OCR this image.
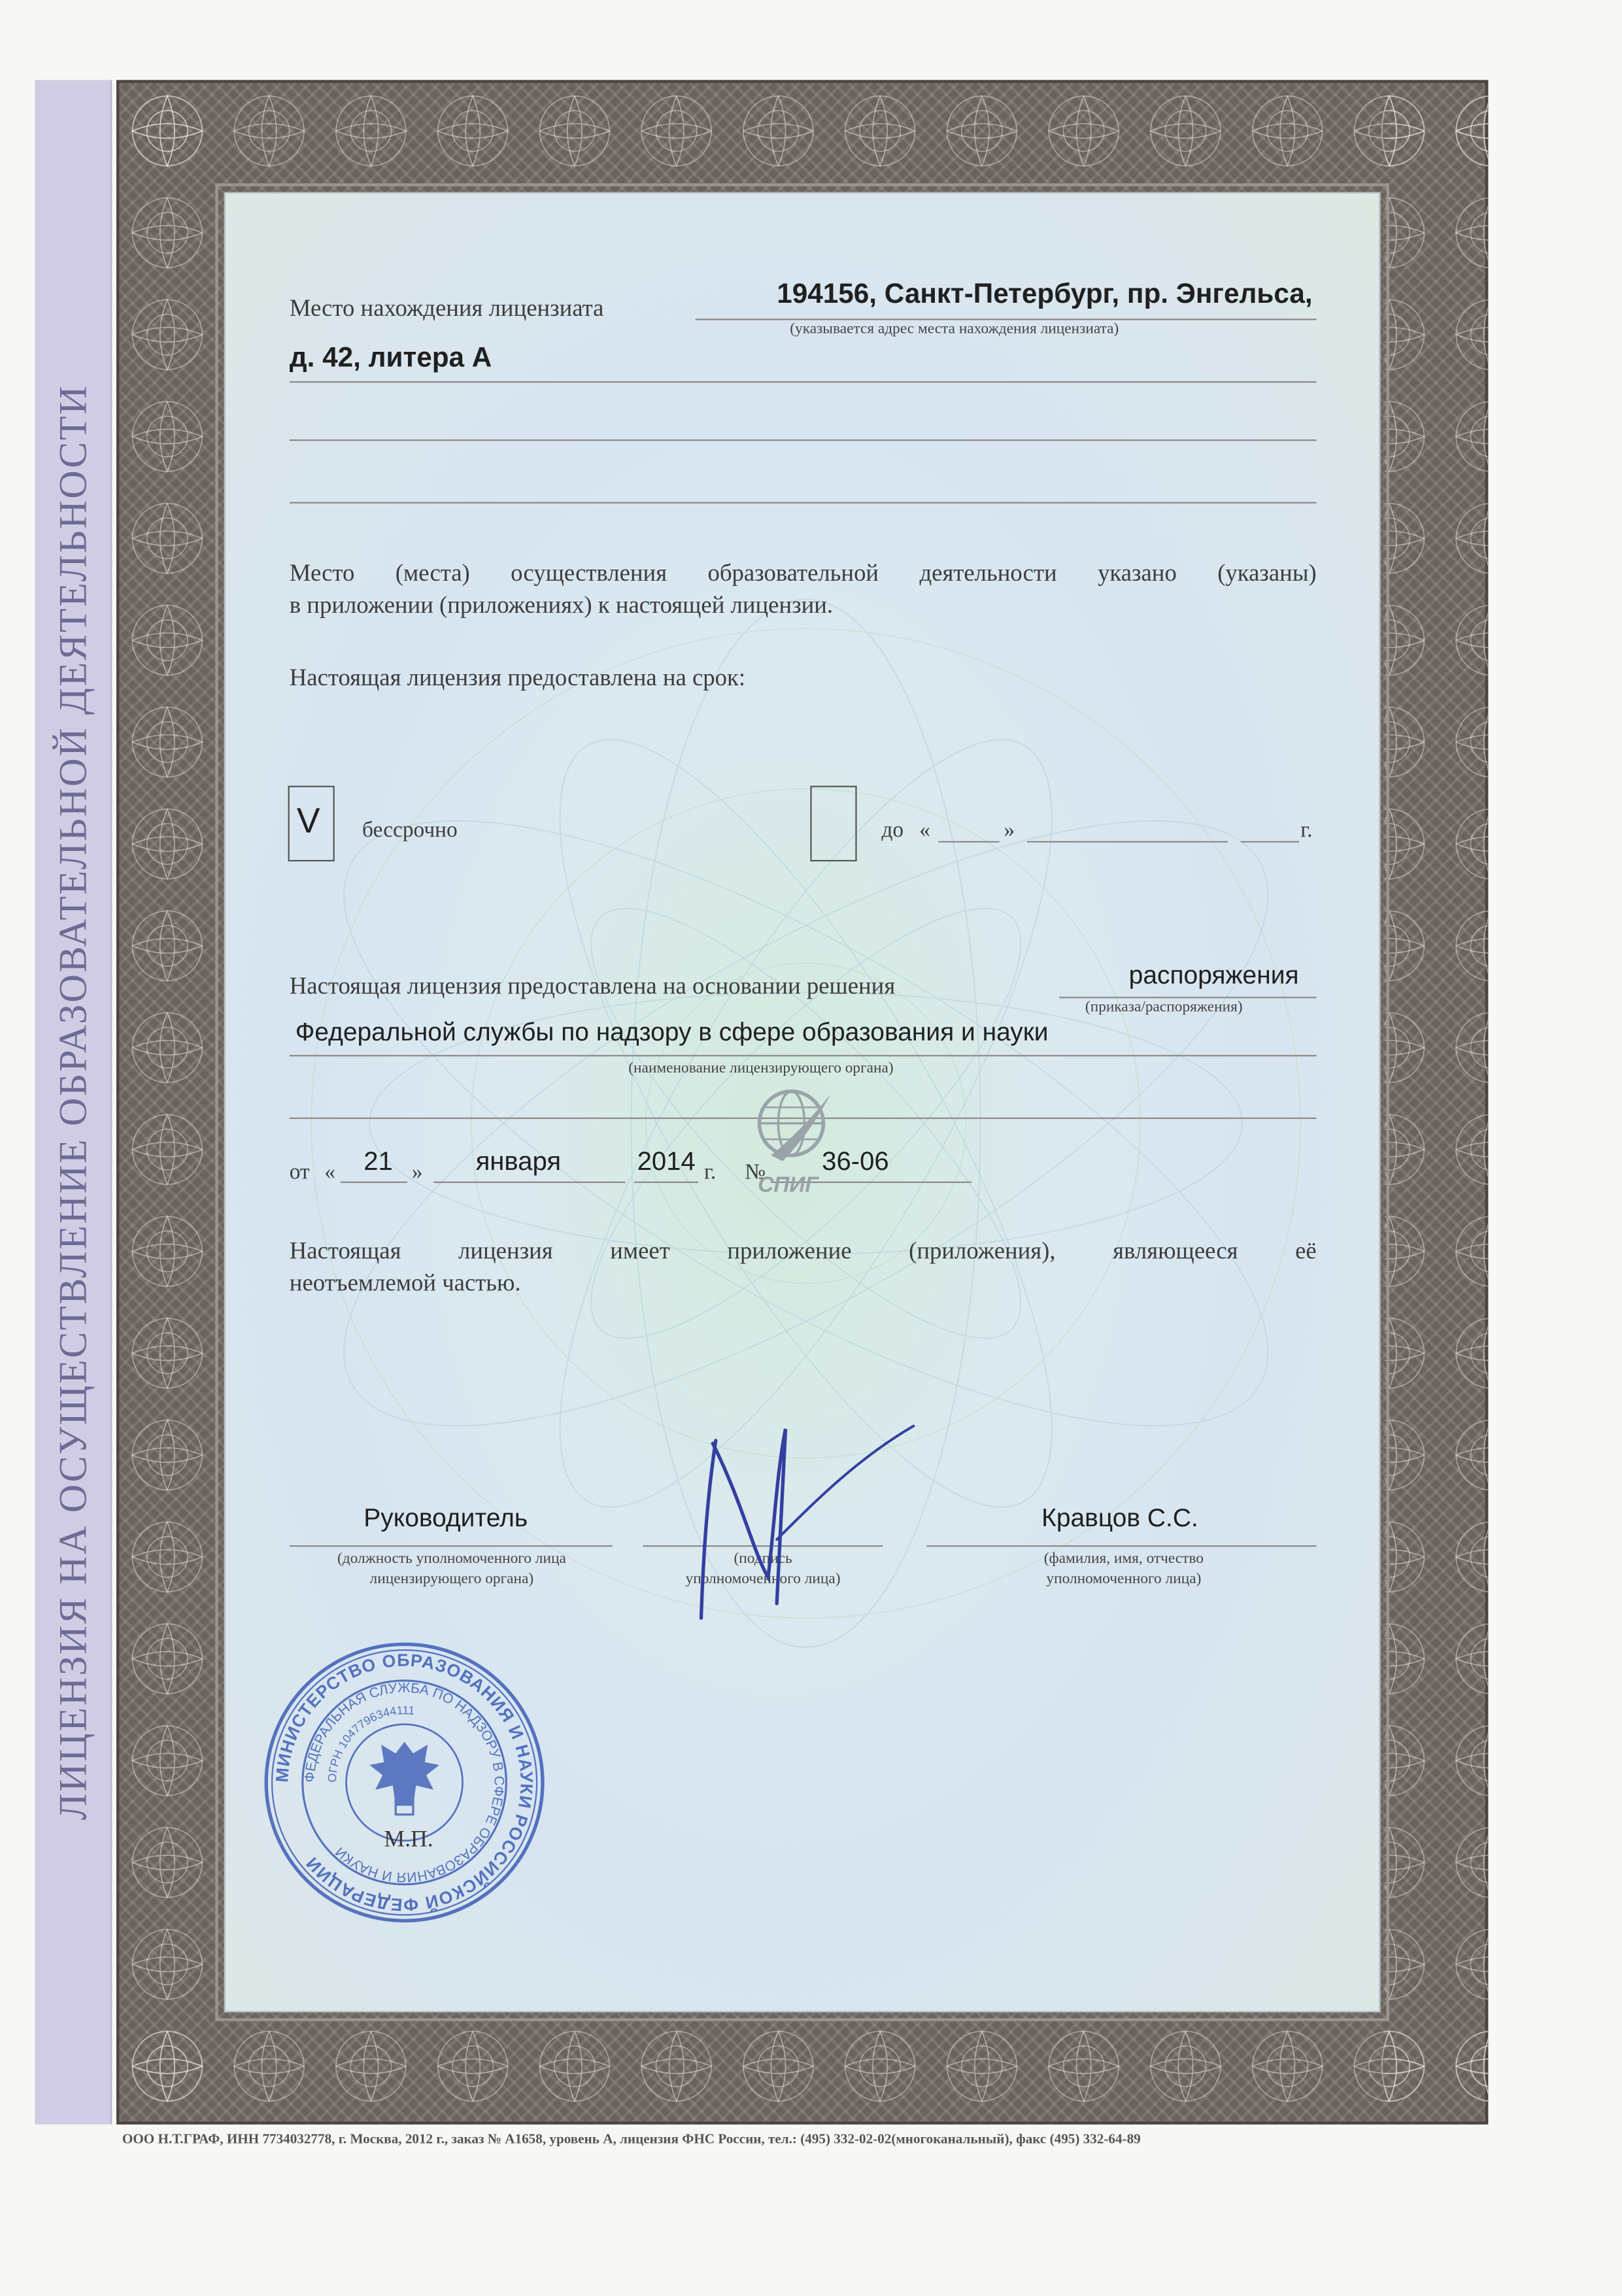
ЛИЦЕНЗИЯ НА ОСУЩЕСТВЛЕНИЕ ОБРАЗОВАТЕЛЬНОЙ ДЕЯТЕЛЬНОСТИ
Место нахождения лицензиата	194156, Санкт-Петербург, пр. Энгельса,
(указывается адрес места нахождения лицензиата)
д. 42, литера А
Место (места) осуществления образовательной деятельности указано (указаны)
в приложении (приложениях) к настоящей лицензии.
Настоящая лицензия предоставлена на срок:
V	бессрочно	до «	»	г.
Настоящая лицензия предоставлена на основании решения	распоряжения
(приказа/распоряжения)
Федеральной службы по надзору в сфере образования и науки
(наименование лицензирующего органа)
от « 21 »	января	2014 г.	№	36-06
СПИГ
Настоящая лицензия имеет приложение (приложения), являющееся её
неотъемлемой частью.
Руководитель
(должность уполномоченного лица
лицензирующего органа)
(подпись
уполномоченного лица)
Кравцов С.С.
(фамилия, имя, отчество
уполномоченного лица)
МИНИСТЕРСТВО ОБРАЗОВАНИЯ И НАУКИ РОССИЙСКОЙ ФЕДЕРАЦИИ
ФЕДЕРАЛЬНАЯ СЛУЖБА ПО НАДЗОРУ В СФЕРЕ ОБРАЗОВАНИЯ И НАУКИ
ОГРН 1047796344111
М.П.
ООО Н.Т.ГРАФ, ИНН 7734032778, г. Москва, 2012 г., заказ № А1658, уровень А, лицензия ФНС России, тел.: (495) 332-02-02(многоканальный), факс (495) 332-64-89
